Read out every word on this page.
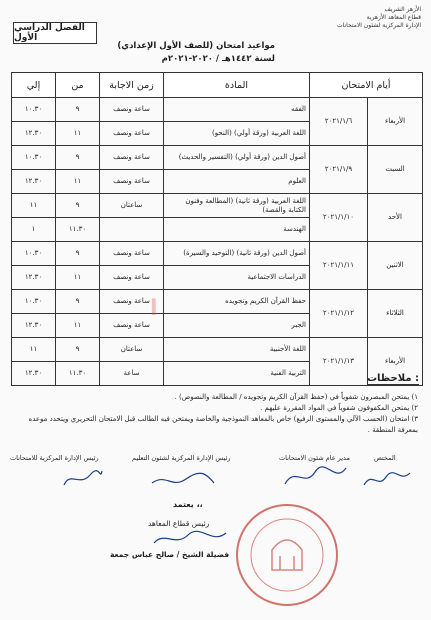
الفصل الدراسي الأول
الأزهر الشريف
قطاع المعاهد الأزهرية
الإدارة المركزية لشئون الامتحانات
مواعيد امتحان (للصف الأول الإعدادي)
لسنة ١٤٤٢هـ / ٢٠٢٠-٢٠٢١م
أيام الامتحان		المادة	زمن الاجابة	من	إلي
الأربعاء	٢٠٢١/١/٦	الفقه	ساعة ونصف	٩	١٠.٣٠
		اللغة العربية (ورقة أولي) (النحو)	ساعة ونصف	١١	١٢.٣٠
السبت	٢٠٢١/١/٩	أصول الدين (ورقة أولي) (التفسير والحديث)	ساعة ونصف	٩	١٠.٣٠
		العلوم	ساعة ونصف	١١	١٢.٣٠
الأحد	٢٠٢١/١/١٠	اللغة العربية (ورقة ثانية) (المطالعة وفنون الكتابة والقصة)	ساعتان	٩	١١
		الهندسة		١١.٣٠	١
الاثنين	٢٠٢١/١/١١	أصول الدين (ورقة ثانية) (التوحيد والسيرة)	ساعة ونصف	٩	١٠.٣٠
		الدراسات الاجتماعية	ساعة ونصف	١١	١٢.٣٠
الثلاثاء	٢٠٢١/١/١٢	حفظ القرآن الكريم وتجويده	ساعة ونصف	٩	١٠.٣٠
		الجبر	ساعة ونصف	١١	١٢.٣٠
الأربعاء	٢٠٢١/١/١٣	اللغة الأجنبية	ساعتان	٩	١١
		التربية الفنية	ساعة	١١.٣٠	١٢.٣٠
ا
ملاحظات :
١) يمتحن المبصرون شفوياً في (حفظ القرآن الكريم وتجويده / المطالعة والنصوص) .
٢) يمتحن المكفوفون شفوياً في المواد المقررة عليهم .
٣) امتحان (الحسب الآلي والمستوى الرفيع) خاص بالمعاهد النموذجية والخاصة ويمتحن فيه الطالب قبل الامتحان التحريري ويتحدد موعده بمعرفة المنطقة .
المختص
مدير عام شئون الامتحانات
رئيس الإدارة المركزية لشئون التعليم
رئيس الإدارة المركزية للامتحانات
يعتمد ،،
رئيس قطاع المعاهد
فضيلة الشيخ / صالح عباس جمعة
